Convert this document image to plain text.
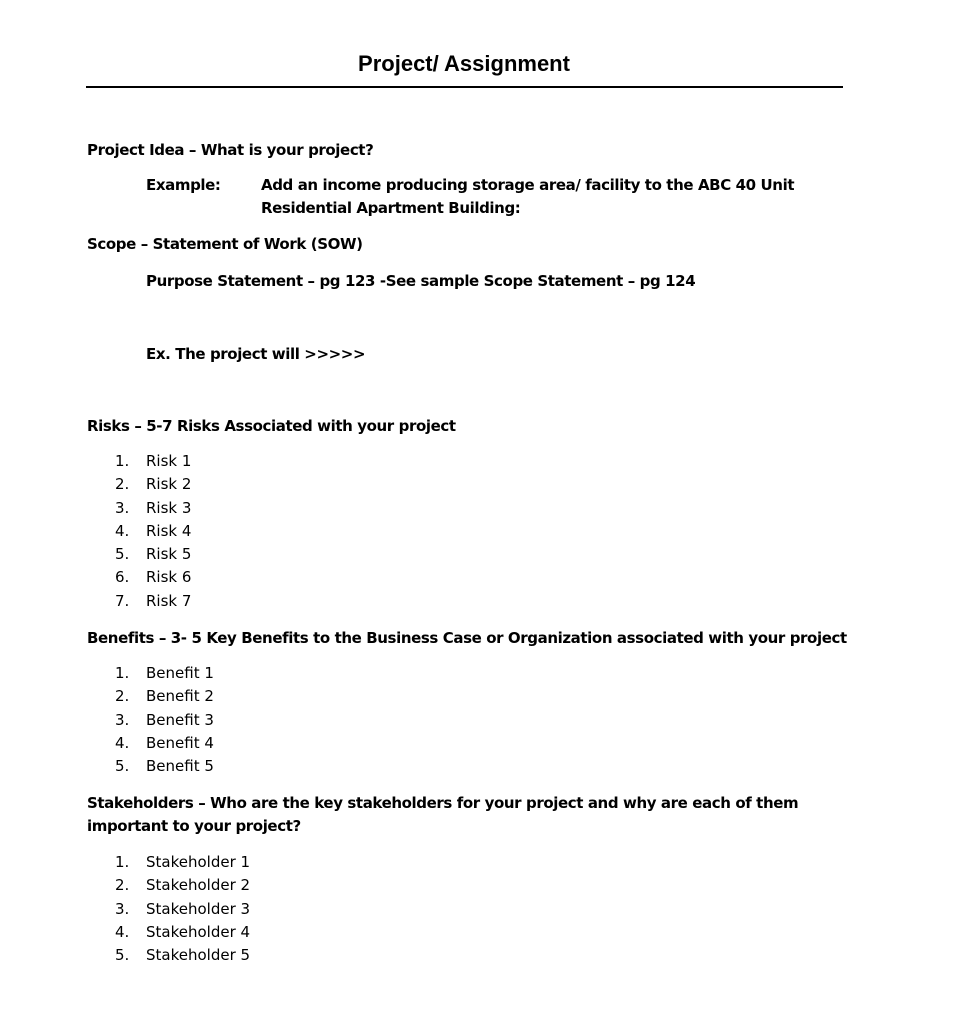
Project/ Assignment
Project Idea – What is your project?
Example:	Add an income producing storage area/ facility to the ABC 40 Unit Residential Apartment Building:
Scope – Statement of Work (SOW)
Purpose Statement – pg 123 -See sample Scope Statement – pg 124
Ex. The project will >>>>>
Risks – 5-7 Risks Associated with your project
1. Risk 1
2. Risk 2
3. Risk 3
4. Risk 4
5. Risk 5
6. Risk 6
7. Risk 7
Benefits – 3- 5 Key Benefits to the Business Case or Organization associated with your project
1. Benefit 1
2. Benefit 2
3. Benefit 3
4. Benefit 4
5. Benefit 5
Stakeholders – Who are the key stakeholders for your project and why are each of them important to your project?
1. Stakeholder 1
2. Stakeholder 2
3. Stakeholder 3
4. Stakeholder 4
5. Stakeholder 5
